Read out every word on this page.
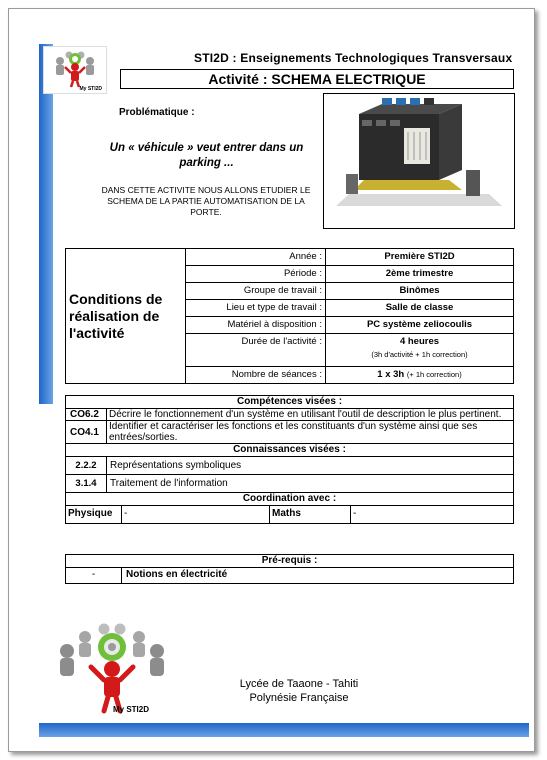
My STI2D
STI2D : Enseignements Technologiques Transversaux
Activité : SCHEMA ELECTRIQUE
Problématique :
Un « véhicule » veut entrer dans un parking ...
DANS CETTE ACTIVITE NOUS ALLONS ETUDIER LE SCHEMA DE LA PARTIE AUTOMATISATION DE LA PORTE.
Conditions de réalisation de l'activité
Année :	Première STI2D
Période :	2ème trimestre
Groupe de travail :	Binômes
Lieu et type de travail :	Salle de classe
Matériel à disposition :	PC système zeliocoulis
Durée de l'activité :	4 heures
(3h d'activité + 1h correction)
Nombre de séances :	1 x 3h (+ 1h correction)
Compétences visées :
CO6.2	Décrire le fonctionnement d'un système en utilisant l'outil de description le plus pertinent.
CO4.1	Identifier et caractériser les fonctions et les constituants d'un système ainsi que ses entrées/sorties.
Connaissances visées :
2.2.2	Représentations symboliques
3.1.4	Traitement de l'information
Coordination avec :
Physique	-	Maths	-
Pré-requis :
-	Notions en électricité
My STI2D
Lycée de Taaone - Tahiti
Polynésie Française
